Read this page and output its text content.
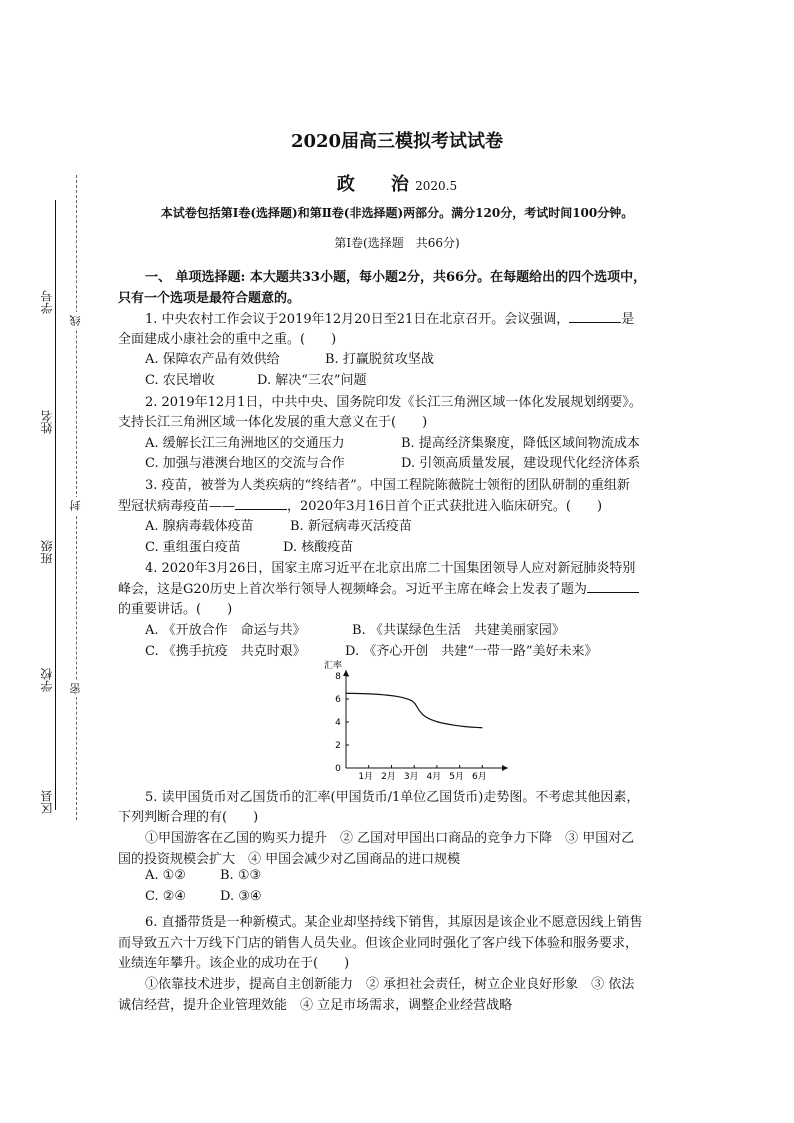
学号
姓名
班级
学校
区县
线
封
密
2020届高三模拟考试试卷
政　　治 2020.5
本试卷包括第Ⅰ卷(选择题)和第Ⅱ卷(非选择题)两部分。满分120分，考试时间100分钟。
第Ⅰ卷(选择题　共66分)
一、 单项选择题: 本大题共33小题，每小题2分，共66分。在每题给出的四个选项中，
只有一个选项是最符合题意的。
1. 中央农村工作会议于2019年12月20日至21日在北京召开。会议强调，	是
全面建成小康社会的重中之重。(　　)
A. 保障农产品有效供给	B. 打赢脱贫攻坚战
C. 农民增收	D. 解决“三农”问题
2. 2019年12月1日，中共中央、国务院印发《长江三角洲区域一体化发展规划纲要》。
支持长江三角洲区域一体化发展的重大意义在于(　　)
A. 缓解长江三角洲地区的交通压力	B. 提高经济集聚度，降低区域间物流成本
C. 加强与港澳台地区的交流与合作	D. 引领高质量发展，建设现代化经济体系
3. 疫苗，被誉为人类疾病的“终结者”。中国工程院陈薇院士领衔的团队研制的重组新
型冠状病毒疫苗——	，2020年3月16日首个正式获批进入临床研究。(　　)
A. 腺病毒载体疫苗	B. 新冠病毒灭活疫苗
C. 重组蛋白疫苗	D. 核酸疫苗
4. 2020年3月26日，国家主席习近平在北京出席二十国集团领导人应对新冠肺炎特别
峰会，这是G20历史上首次举行领导人视频峰会。习近平主席在峰会上发表了题为
的重要讲话。(　　)
A. 《开放合作　命运与共》	B. 《共谋绿色生活　共建美丽家园》
C. 《携手抗疫　共克时艰》	D. 《齐心开创　共建“一带一路”美好未来》
汇率
0
2
4
6
8
1月 2月 3月 4月 5月 6月
5. 读甲国货币对乙国货币的汇率(甲国货币/1单位乙国货币)走势图。不考虑其他因素，
下列判断合理的有(　　)
①甲国游客在乙国的购买力提升　② 乙国对甲国出口商品的竞争力下降　③ 甲国对乙
国的投资规模会扩大　④ 甲国会减少对乙国商品的进口规模
A. ①②	B. ①③
C. ②④	D. ③④
6. 直播带货是一种新模式。某企业却坚持线下销售，其原因是该企业不愿意因线上销售
而导致五六十万线下门店的销售人员失业。但该企业同时强化了客户线下体验和服务要求，
业绩连年攀升。该企业的成功在于(　　)
①依靠技术进步，提高自主创新能力　② 承担社会责任，树立企业良好形象　③ 依法
诚信经营，提升企业管理效能　④ 立足市场需求，调整企业经营战略
